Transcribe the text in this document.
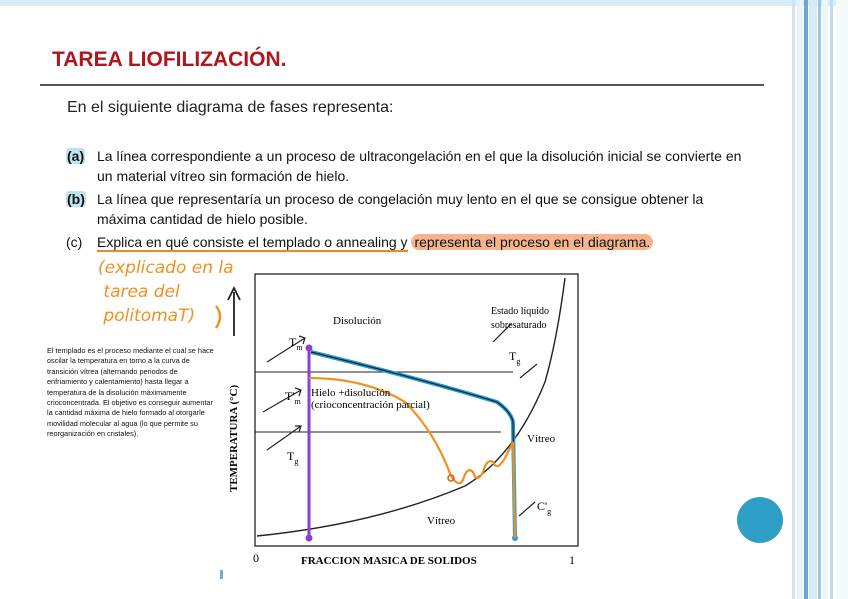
TAREA LIOFILIZACIÓN.
En el siguiente diagrama de fases representa:
(a) La línea correspondiente a un proceso de ultracongelación en el que la disolución inicial se convierte en un material vítreo sin formación de hielo.
(b) La línea que representaría un proceso de congelación muy lento en el que se consigue obtener la máxima cantidad de hielo posible.
(c)	Explica en qué consiste el templado o annealing y representa el proceso en el diagrama.
(explicado en la
tarea del
politomaT)
El templado es el proceso mediante el cual se hace oscilar la temperatura en torno a la curva de transición vítrea (alternando periodos de enfriamiento y calentamiento) hasta llegar a temperatura de la disolución máximamente crioconcentrada. El objetivo es conseguir aumentar la cantidad máxima de hielo formado al otorgarle movilidad molecular al agua (lo que permite su reorganización en cristales).
Disolución
Estado líquido
sobresaturado
Hielo +disolución
(crioconcentración parcial)
Vítreo
Vítreo
$T_m$
$T'_m$
$T_g$
$T_g$
$C'_g$
TEMPERATURA (°C)
FRACCION MASICA DE SOLIDOS
0	1
